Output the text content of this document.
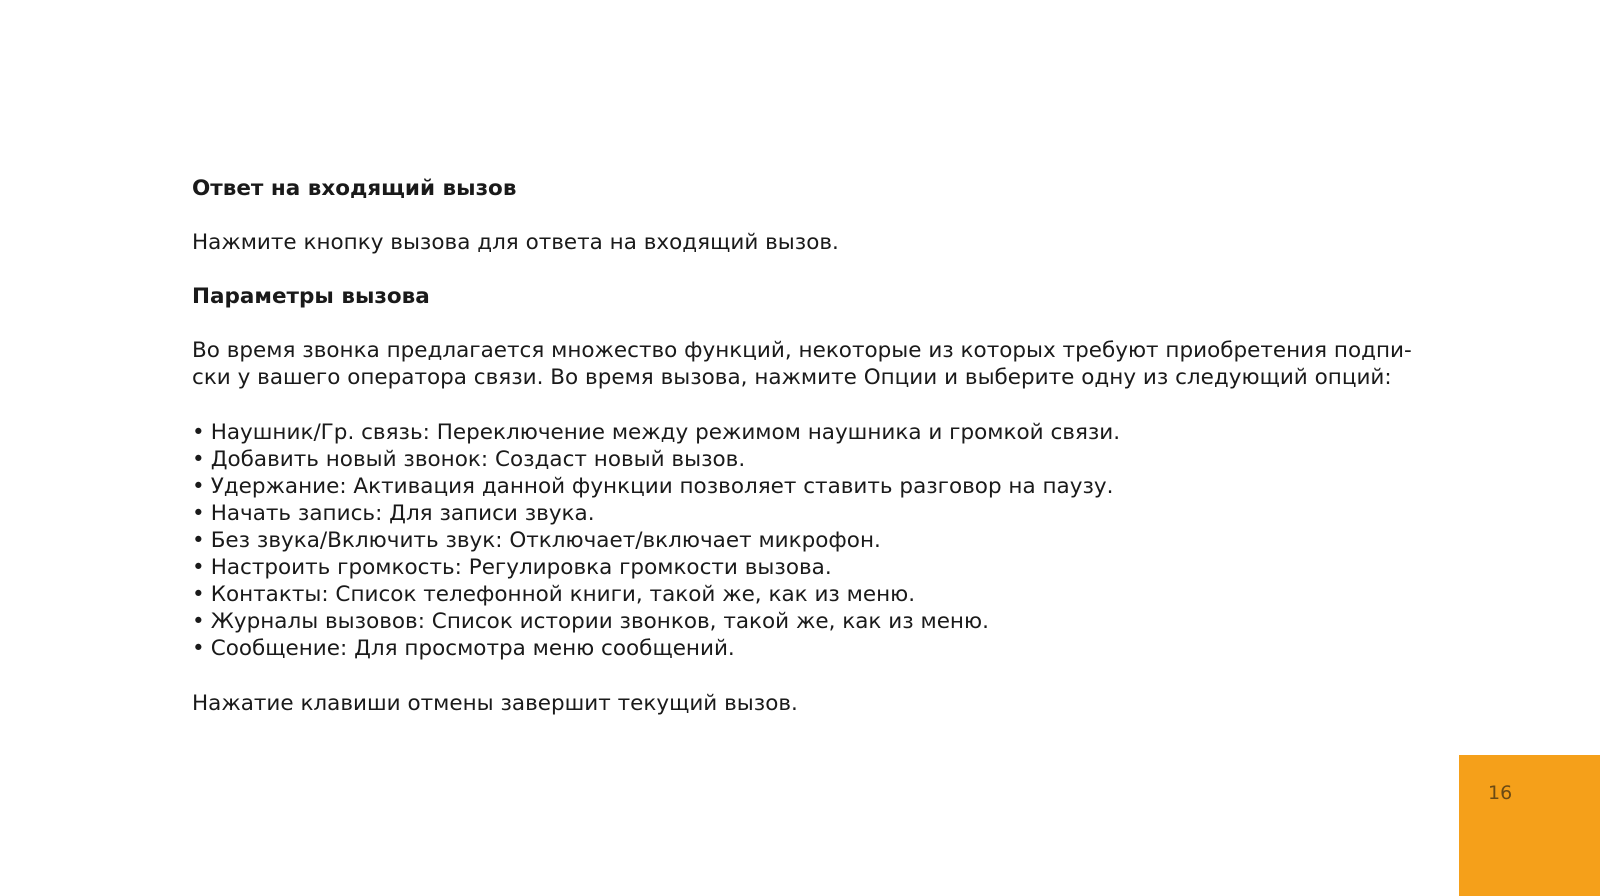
Ответ на входящий вызов

Нажмите кнопку вызова для ответа на входящий вызов.

Параметры вызова

Во время звонка предлагается множество функций, некоторые из которых требуют приобретения подпи-
ски у вашего оператора связи. Во время вызова, нажмите Опции и выберите одну из следующий опций:

• Наушник/Гр. связь: Переключение между режимом наушника и громкой связи.
• Добавить новый звонок: Создаст новый вызов.
• Удержание: Активация данной функции позволяет ставить разговор на паузу.
• Начать запись: Для записи звука.
• Без звука/Включить звук: Отключает/включает микрофон.
• Настроить громкость: Регулировка громкости вызова.
• Контакты: Список телефонной книги, такой же, как из меню.
• Журналы вызовов: Список истории звонков, такой же, как из меню.
• Сообщение: Для просмотра меню сообщений.

Нажатие клавиши отмены завершит текущий вызов.

16
